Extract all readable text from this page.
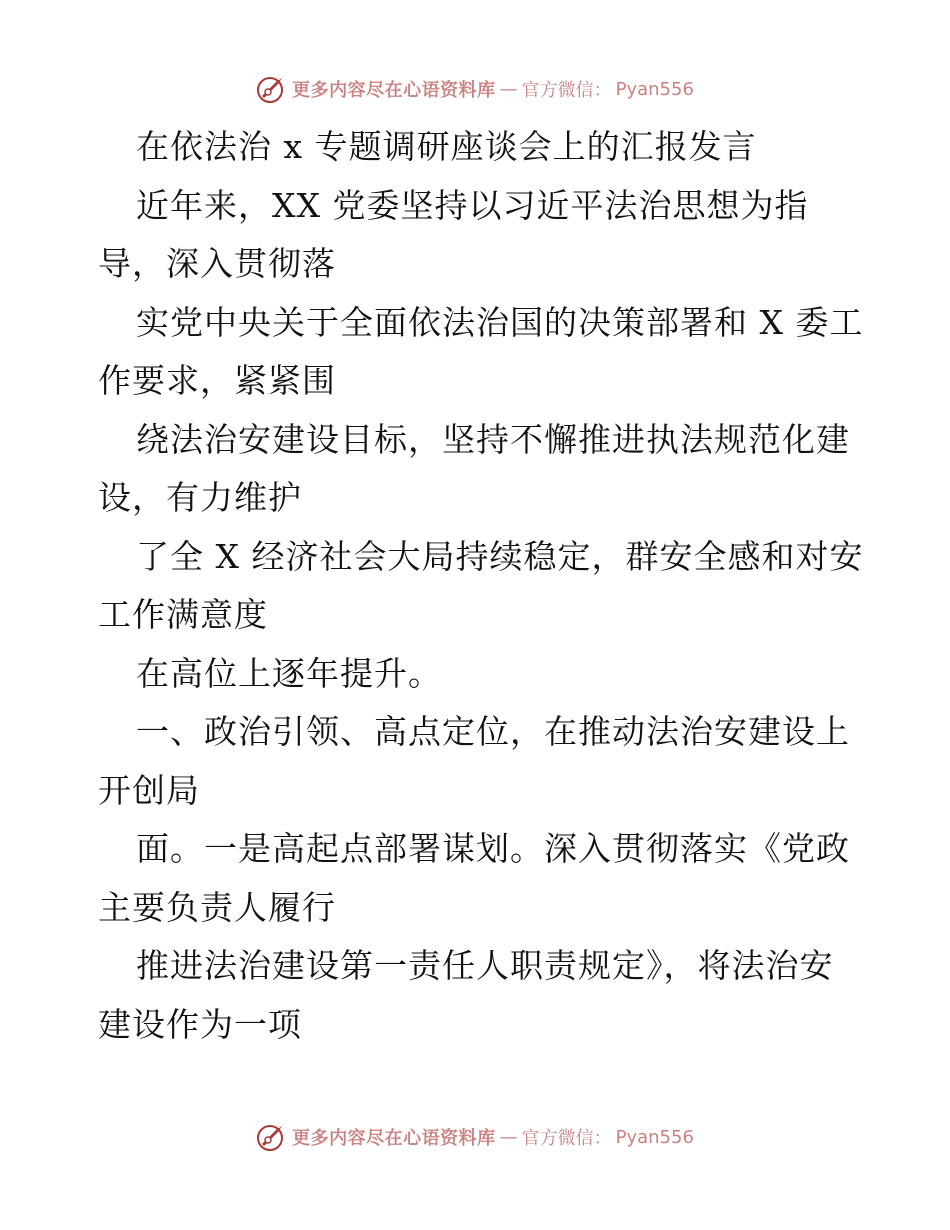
更多内容尽在心语资料库 — 官方微信： Pyan556
在依法治 x 专题调研座谈会上的汇报发言
近年来，XX 党委坚持以习近平法治思想为指
导，深入贯彻落
实党中央关于全面依法治国的决策部署和 X 委工
作要求，紧紧围
绕法治安建设目标，坚持不懈推进执法规范化建
设，有力维护
了全 X 经济社会大局持续稳定，群安全感和对安
工作满意度
在高位上逐年提升。
一、政治引领、高点定位，在推动法治安建设上
开创局
面。一是高起点部署谋划。深入贯彻落实《党政
主要负责人履行
推进法治建设第一责任人职责规定》，将法治安
建设作为一项
更多内容尽在心语资料库 — 官方微信： Pyan556
